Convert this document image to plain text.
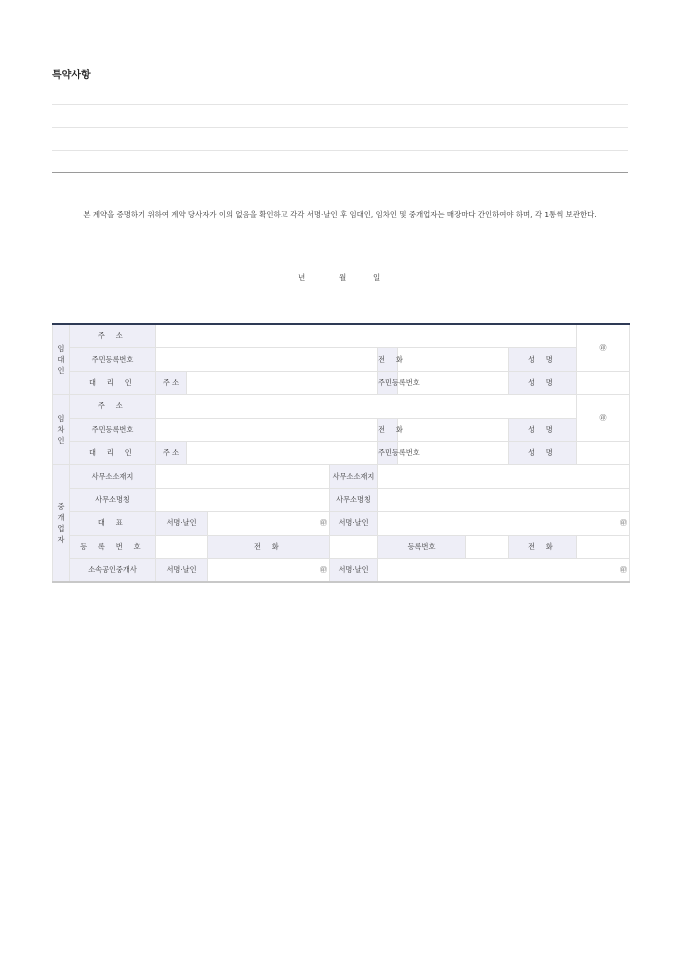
특약사항
본 계약을 증명하기 위하여 계약 당사자가 이의 없음을 확인하고 각각 서명·날인 후 임대인, 임차인 및 중개업자는 매장마다 간인하여야 하며, 각 1통씩 보관한다.
년	월	일
임대인	주 소									㊞	
	주민등록번호					전 화			성 명		
	대 리 인	주 소				주민등록번호			성 명		
임차인	주 소									㊞	
	주민등록번호					전 화			성 명		
	대 리 인	주 소				주민등록번호			성 명		
중개업자	사무소소재지				사무소소재지						
	사무소명칭				사무소명칭						
	대 표	서명·날인		㊞	서명·날인	㊞					
	등 록 번 호			전 화		등록번호			전 화		
	소속공인중개사	서명·날인		㊞	서명·날인	㊞					
